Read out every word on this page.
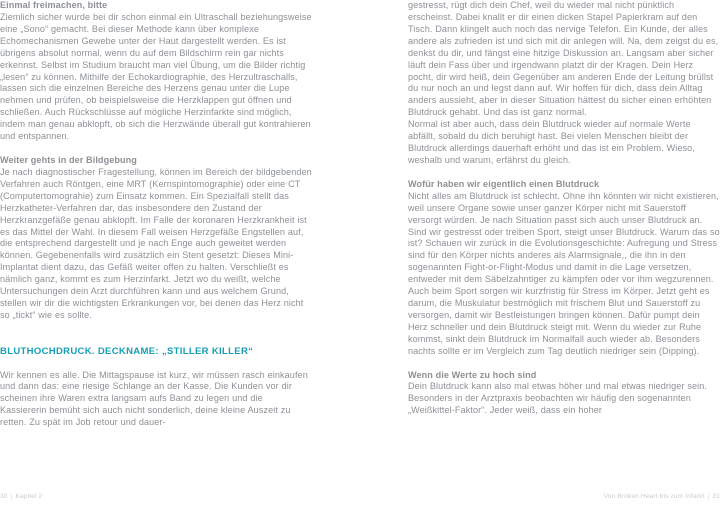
Einmal freimachen, bitte
Ziemlich sicher wurde bei dir schon einmal ein Ultraschall beziehungsweise eine „Sono“ gemacht. Bei dieser Methode kann über komplexe Echomechanismen Gewebe unter der Haut dargestellt werden. Es ist übrigens absolut normal, wenn du auf dem Bildschirm rein gar nichts erkennst. Selbst im Studium braucht man viel Übung, um die Bilder richtig „lesen“ zu können. Mithilfe der Echokardiographie, des Herzultraschalls, lassen sich die einzelnen Bereiche des Herzens genau unter die Lupe nehmen und prüfen, ob beispielsweise die Herzklappen gut öffnen und schließen. Auch Rückschlüsse auf mögliche Herzinfarkte sind möglich, indem man genau abklopft, ob sich die Herzwände überall gut kontrahieren und entspannen.
Weiter gehts in der Bildgebung
Je nach diagnostischer Fragestellung, können im Bereich der bildgebenden Verfahren auch Röntgen, eine MRT (Kernspintomographie) oder eine CT (Computertomograhie) zum Einsatz kommen. Ein Spezialfall stellt das Herzkatheter-Verfahren dar, das insbesondere den Zustand der Herzkranzgefäße genau abklopft. Im Falle der koronaren Herzkrankheit ist es das Mittel der Wahl. In diesem Fall weisen Herzgefäße Engstellen auf, die entsprechend dargestellt und je nach Enge auch geweitet werden können. Gegebenenfalls wird zusätzlich ein Stent gesetzt: Dieses Mini-Implantat dient dazu, das Gefäß weiter offen zu halten. Verschließt es nämlich ganz, kommt es zum Herzinfarkt. Jetzt wo du weißt, welche Untersuchungen dein Arzt durchführen kann und aus welchem Grund, stellen wir dir die wichtigsten Erkrankungen vor, bei denen das Herz nicht so „tickt“ wie es sollte.
BLUTHOCHDRUCK. DECKNAME: „STILLER KILLER“
Wir kennen es alle. Die Mittagspause ist kurz, wir müssen rasch einkaufen und dann das: eine riesige Schlange an der Kasse. Die Kunden vor dir scheinen ihre Waren extra langsam aufs Band zu legen und die Kassiererin bemüht sich auch nicht sonderlich, deine kleine Auszeit zu retten. Zu spät im Job retour und dauer-
30 | Kapitel 2
gestresst, rügt dich dein Chef, weil du wieder mal nicht pünktlich erscheinst. Dabei knallt er dir einen dicken Stapel Papierkram auf den Tisch. Dann klingelt auch noch das nervige Telefon. Ein Kunde, der alles andere als zufrieden ist und sich mit dir anlegen will. Na, dem zeigst du es, denkst du dir, und fängst eine hitzige Diskussion an. Langsam aber sicher läuft dein Fass über und irgendwann platzt dir der Kragen. Dein Herz pocht, dir wird heiß, dein Gegenüber am anderen Ende der Leitung brüllst du nur noch an und legst dann auf. Wir hoffen für dich, dass dein Alltag anders aussieht, aber in dieser Situation hättest du sicher einen erhöhten Blutdruck gehabt. Und das ist ganz normal.
Normal ist aber auch, dass dein Blutdruck wieder auf normale Werte abfällt, sobald du dich beruhigt hast. Bei vielen Menschen bleibt der Blutdruck allerdings dauerhaft erhöht und das ist ein Problem. Wieso, weshalb und warum, erfährst du gleich.
Wofür haben wir eigentlich einen Blutdruck
Nicht alles am Blutdruck ist schlecht. Ohne ihn könnten wir nicht existieren, weil unsere Organe sowie unser ganzer Körper nicht mit Sauerstoff versorgt würden. Je nach Situation passt sich auch unser Blutdruck an. Sind wir gestresst oder treiben Sport, steigt unser Blutdruck. Warum das so ist? Schauen wir zurück in die Evolutionsgeschichte: Aufregung und Stress sind für den Körper nichts anderes als Alarmsignale,, die ihn in den sogenannten Fight-or-Flight-Modus und damit in die Lage versetzen, entweder mit dem Säbelzahntiger zu kämpfen oder vor ihm wegzurennen. Auch beim Sport sorgen wir kurzfristig für Stress im Körper. Jetzt geht es darum, die Muskulatur bestmöglich mit frischem Blut und Sauerstoff zu versorgen, damit wir Bestleistungen bringen können. Dafür pumpt dein Herz schneller und dein Blutdruck steigt mit. Wenn du wieder zur Ruhe kommst, sinkt dein Blutdruck im Normalfall auch wieder ab. Besonders nachts sollte er im Vergleich zum Tag deutlich niedriger sein (Dipping).
Wenn die Werte zu hoch sind
Dein Blutdruck kann also mal etwas höher und mal etwas niedriger sein. Besonders in der Arztpraxis beobachten wir häufig den sogenannten „Weißkittel-Faktor“. Jeder weiß, dass ein hoher
Von Broken Heart bis zum Infarkt | 31
